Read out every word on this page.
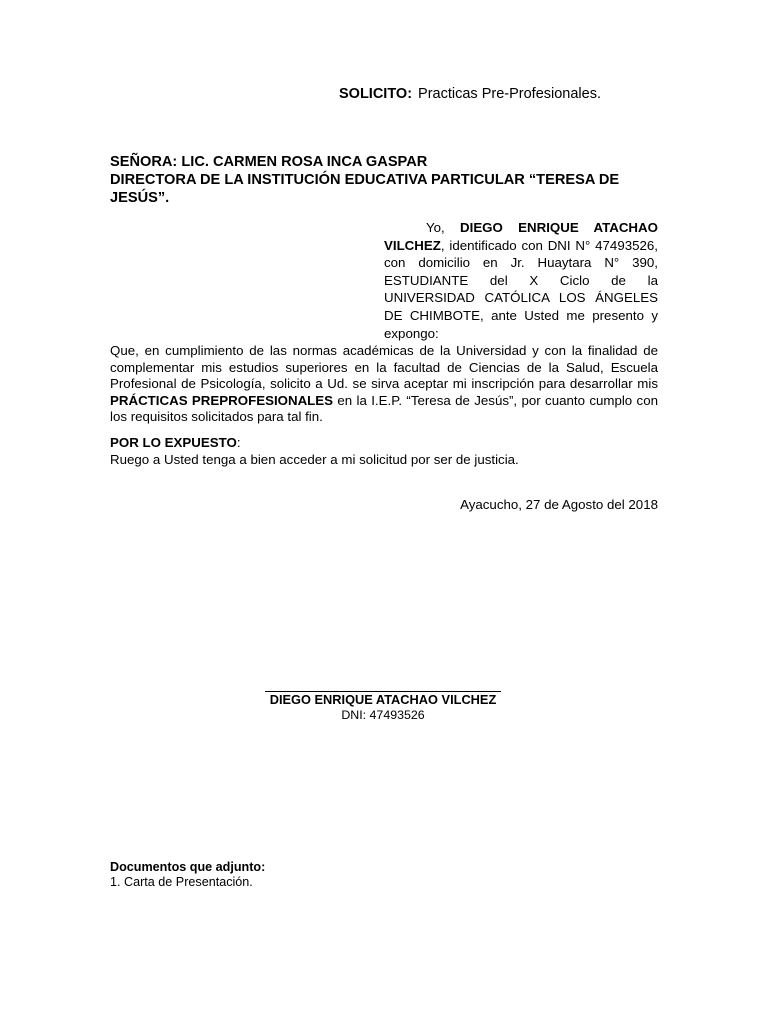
SOLICITO: Practicas Pre-Profesionales.
SEÑORA: LIC. CARMEN ROSA INCA GASPAR
DIRECTORA DE LA INSTITUCIÓN EDUCATIVA PARTICULAR “TERESA DE
JESÚS”.
Yo, DIEGO ENRIQUE ATACHAO VILCHEZ, identificado con DNI N° 47493526, con domicilio en Jr. Huaytara N° 390, ESTUDIANTE del X Ciclo de la UNIVERSIDAD CATÓLICA LOS ÁNGELES DE CHIMBOTE, ante Usted me presento y expongo:
Que, en cumplimiento de las normas académicas de la Universidad y con la finalidad de complementar mis estudios superiores en la facultad de Ciencias de la Salud, Escuela Profesional de Psicología, solicito a Ud. se sirva aceptar mi inscripción para desarrollar mis PRÁCTICAS PREPROFESIONALES en la I.E.P. “Teresa de Jesús”, por cuanto cumplo con los requisitos solicitados para tal fin.
POR LO EXPUESTO:
Ruego a Usted tenga a bien acceder a mi solicitud por ser de justicia.
Ayacucho, 27 de Agosto del 2018
DIEGO ENRIQUE ATACHAO VILCHEZ
DNI: 47493526
Documentos que adjunto:
1. Carta de Presentación.
